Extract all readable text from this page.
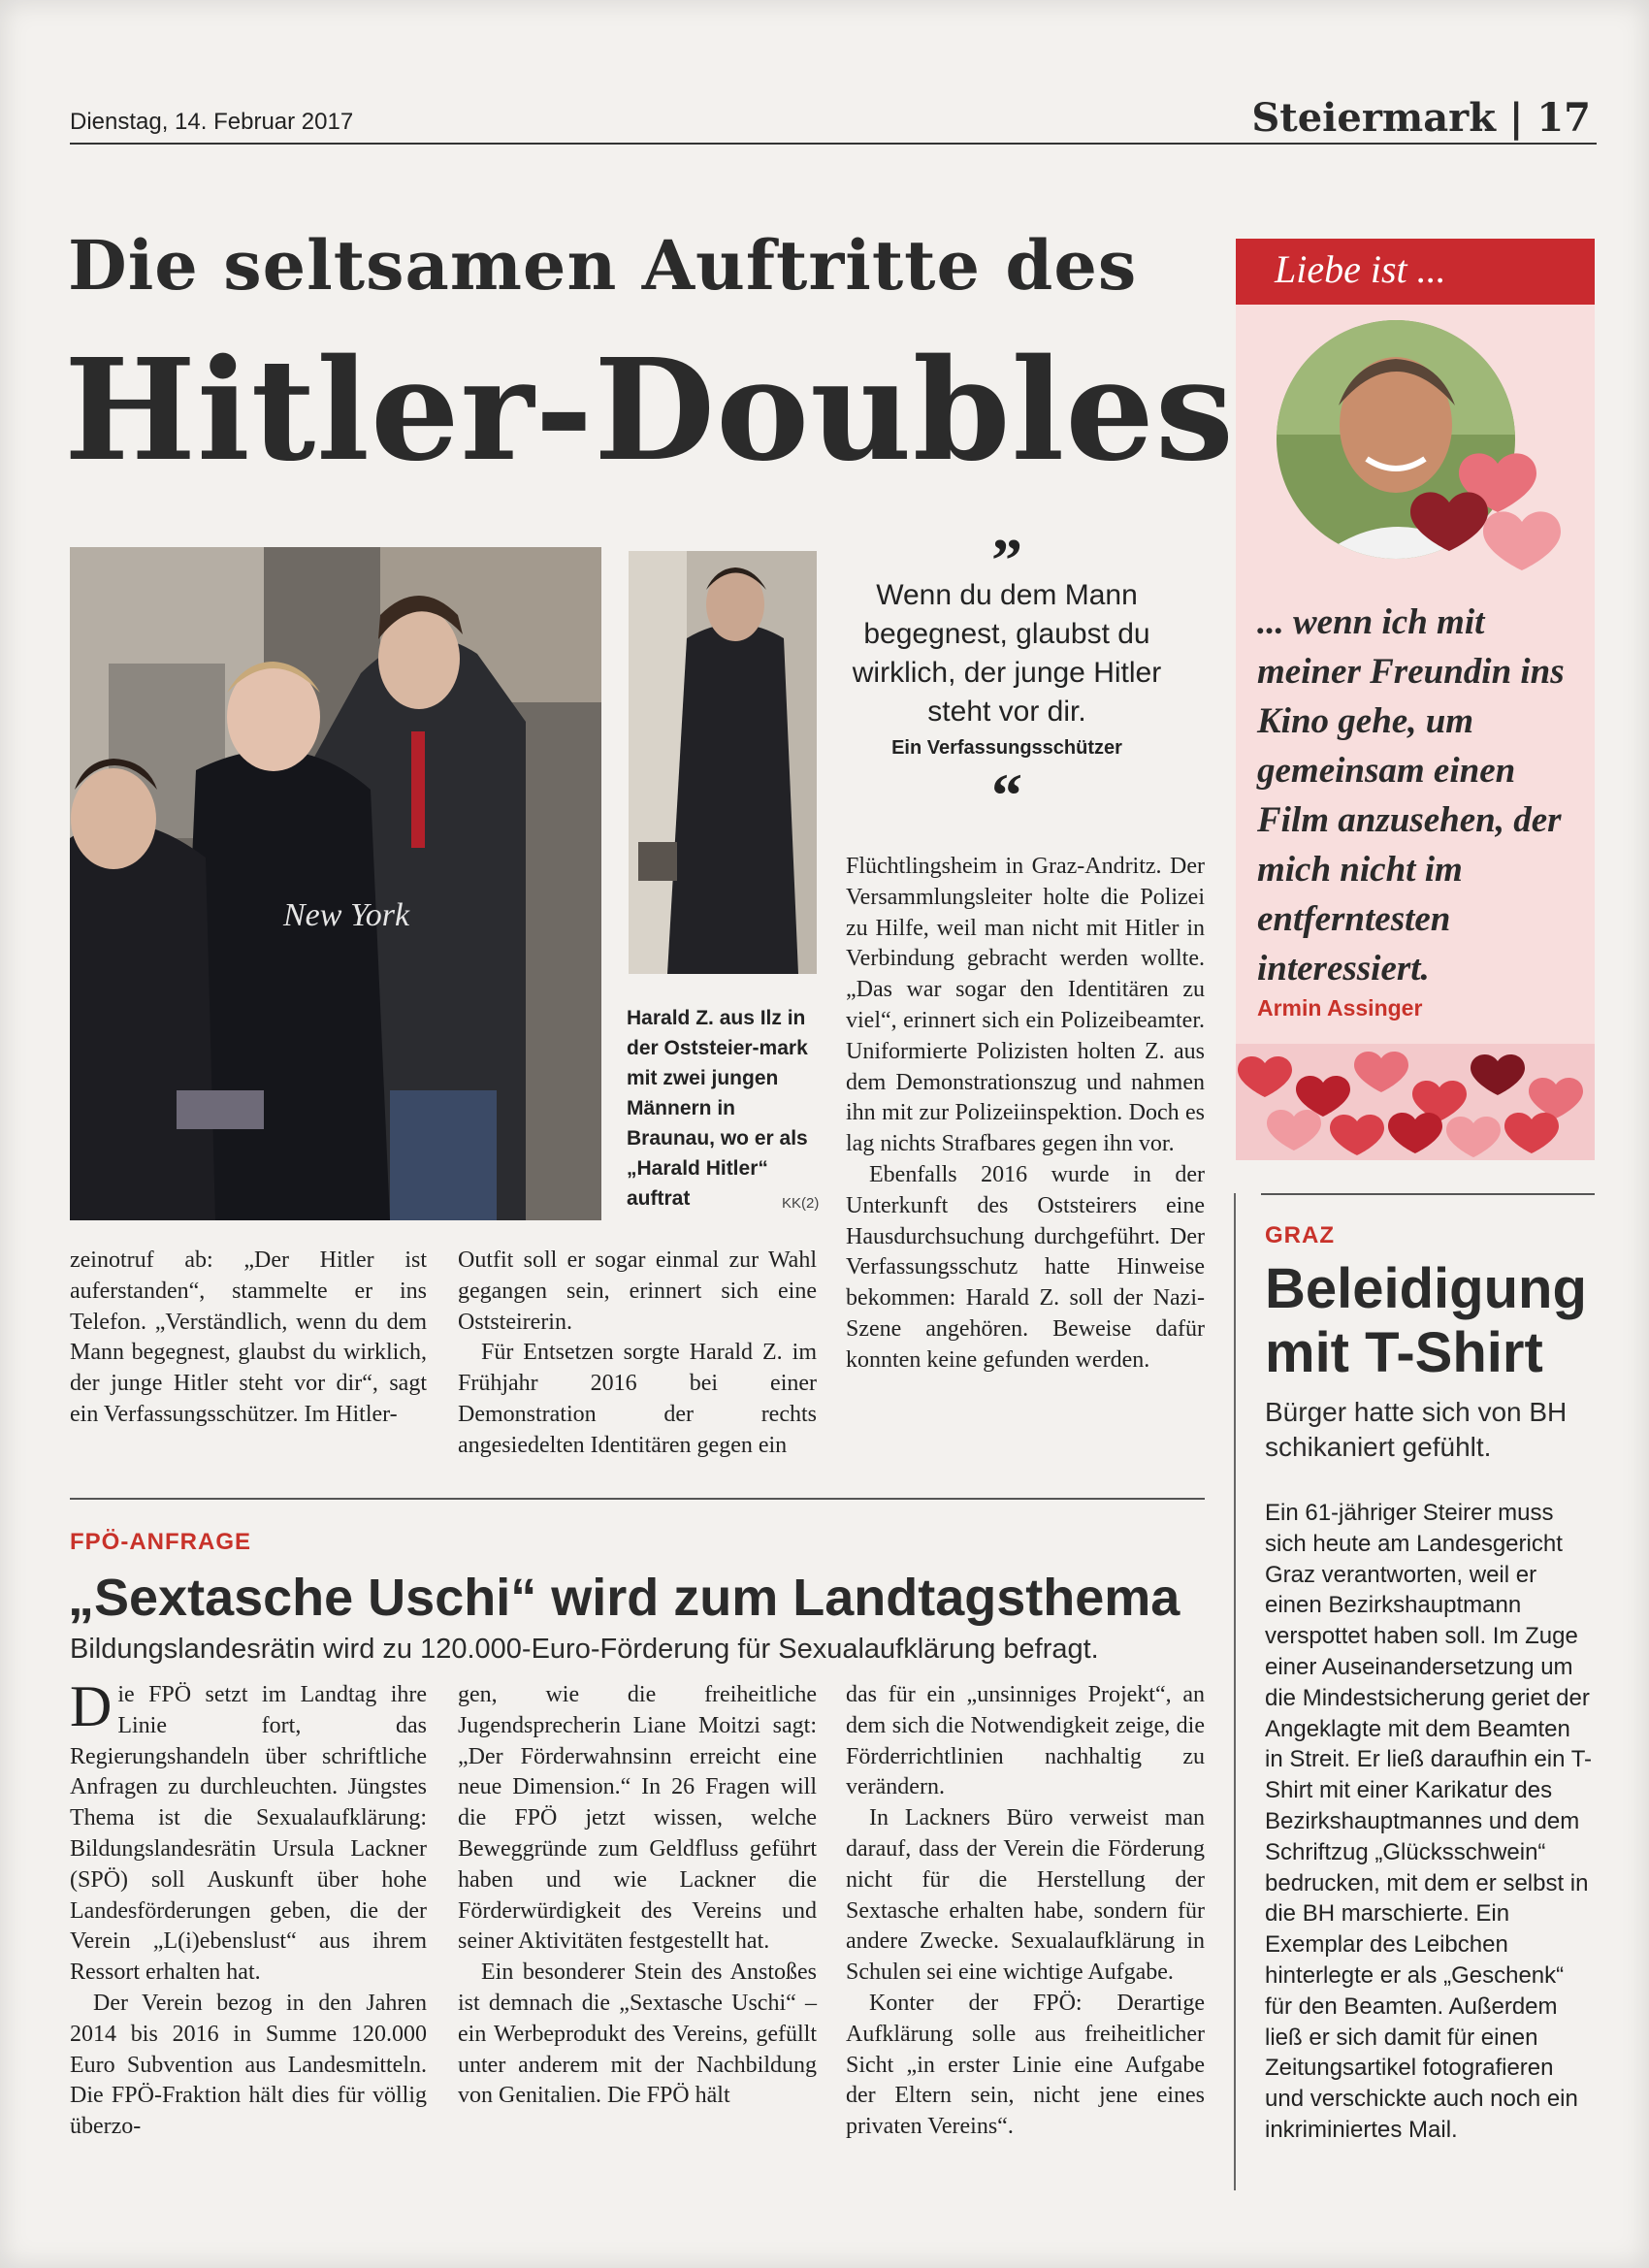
Dienstag, 14. Februar 2017	Steiermark | 17
Die seltsamen Auftritte des
Hitler-Doubles
New York
Harald Z. aus Ilz in der Oststeier-mark mit zwei jungen Männern in Braunau, wo er als „Harald Hitler“ auftrat	KK(2)
”
Wenn du dem Mann begegnest, glaubst du wirklich, der junge Hitler steht vor dir.
Ein Verfassungsschützer
“

Flüchtlingsheim in Graz-Andritz. Der Versammlungsleiter holte die Polizei zu Hilfe, weil man nicht mit Hitler in Verbindung gebracht werden wollte. „Das war sogar den Identitären zu viel“, erinnert sich ein Polizeibeamter. Uniformierte Polizisten holten Z. aus dem Demonstrationszug und nahmen ihn mit zur Polizeiinspektion. Doch es lag nichts Strafbares gegen ihn vor.

Ebenfalls 2016 wurde in der Unterkunft des Oststeirers eine Hausdurchsuchung durchgeführt. Der Verfassungsschutz hatte Hinweise bekommen: Harald Z. soll der Nazi-Szene angehören. Beweise dafür konnten keine gefunden werden.

zeinotruf ab: „Der Hitler ist auferstanden“, stammelte er ins Telefon. „Verständlich, wenn du dem Mann begegnest, glaubst du wirklich, der junge Hitler steht vor dir“, sagt ein Verfassungsschützer. Im Hitler-

Outfit soll er sogar einmal zur Wahl gegangen sein, erinnert sich eine Oststeirerin.

Für Entsetzen sorgte Harald Z. im Frühjahr 2016 bei einer Demonstration der rechts angesiedelten Identitären gegen ein

FPÖ-ANFRAGE
„Sextasche Uschi“ wird zum Landtagsthema
Bildungslandesrätin wird zu 120.000-Euro-Förderung für Sexualaufklärung befragt.

Die FPÖ setzt im Landtag ihre Linie fort, das Regierungshandeln über schriftliche Anfragen zu durchleuchten. Jüngstes Thema ist die Sexualaufklärung: Bildungslandesrätin Ursula Lackner (SPÖ) soll Auskunft über hohe Landesförderungen geben, die der Verein „L(i)ebenslust“ aus ihrem Ressort erhalten hat.

Der Verein bezog in den Jahren 2014 bis 2016 in Summe 120.000 Euro Subvention aus Landesmitteln. Die FPÖ-Fraktion hält dies für völlig überzo-

gen, wie die freiheitliche Jugendsprecherin Liane Moitzi sagt: „Der Förderwahnsinn erreicht eine neue Dimension.“ In 26 Fragen will die FPÖ jetzt wissen, welche Beweggründe zum Geldfluss geführt haben und wie Lackner die Förderwürdigkeit des Vereins und seiner Aktivitäten festgestellt hat.

Ein besonderer Stein des Anstoßes ist demnach die „Sextasche Uschi“ – ein Werbeprodukt des Vereins, gefüllt unter anderem mit der Nachbildung von Genitalien. Die FPÖ hält

das für ein „unsinniges Projekt“, an dem sich die Notwendigkeit zeige, die Förderrichtlinien nachhaltig zu verändern.

In Lackners Büro verweist man darauf, dass der Verein die Förderung nicht für die Herstellung der Sextasche erhalten habe, sondern für andere Zwecke. Sexualaufklärung in Schulen sei eine wichtige Aufgabe.

Konter der FPÖ: Derartige Aufklärung solle aus freiheitlicher Sicht „in erster Linie eine Aufgabe der Eltern sein, nicht jene eines privaten Vereins“.

Liebe ist ...
... wenn ich mit meiner Freundin ins Kino gehe, um gemeinsam einen Film anzusehen, der mich nicht im entferntesten interessiert.
Armin Assinger
GRAZ
Beleidigung mit T-Shirt
Bürger hatte sich von BH schikaniert gefühlt.
Ein 61-jähriger Steirer muss sich heute am Landesgericht Graz verantworten, weil er einen Bezirkshauptmann verspottet haben soll. Im Zuge einer Auseinandersetzung um die Mindestsicherung geriet der Angeklagte mit dem Beamten in Streit. Er ließ daraufhin ein T-Shirt mit einer Karikatur des Bezirkshauptmannes und dem Schriftzug „Glücksschwein“ bedrucken, mit dem er selbst in die BH marschierte. Ein Exemplar des Leibchen hinterlegte er als „Geschenk“ für den Beamten. Außerdem ließ er sich damit für einen Zeitungsartikel fotografieren und verschickte auch noch ein inkriminiertes Mail.
